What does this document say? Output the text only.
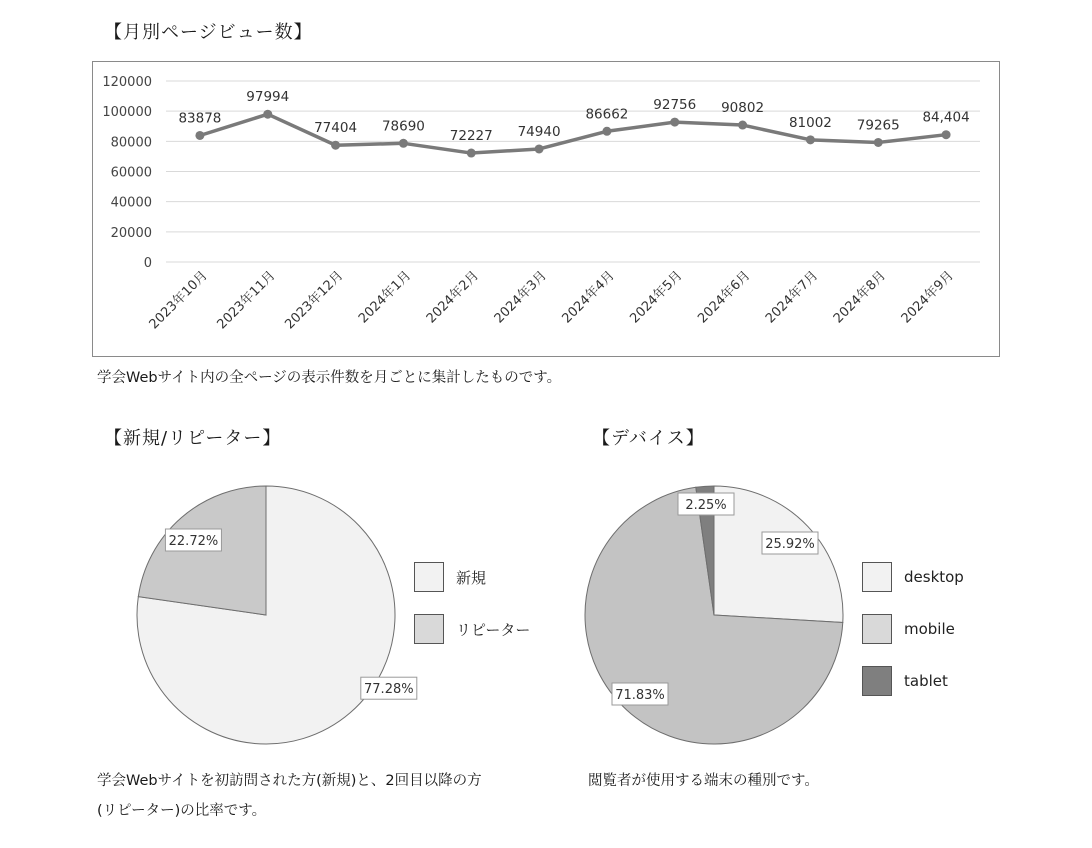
【月別ページビュー数】
0
20000
40000
60000
80000
100000
120000
83878
2023年10月
97994
2023年11月
77404
2023年12月
78690
2024年1月
72227
2024年2月
74940
2024年3月
86662
2024年4月
92756
2024年5月
90802
2024年6月
81002
2024年7月
79265
2024年8月
84,404
2024年9月
学会Webサイト内の全ページの表示件数を月ごとに集計したものです。
【新規/リピーター】
77.28%
22.72%
新規
リピーター
学会Webサイトを初訪問された方(新規)と、2回目以降の方
(リピーター)の比率です。
【デバイス】
25.92%
71.83%
2.25%
desktop
mobile
tablet
閲覧者が使用する端末の種別です。
